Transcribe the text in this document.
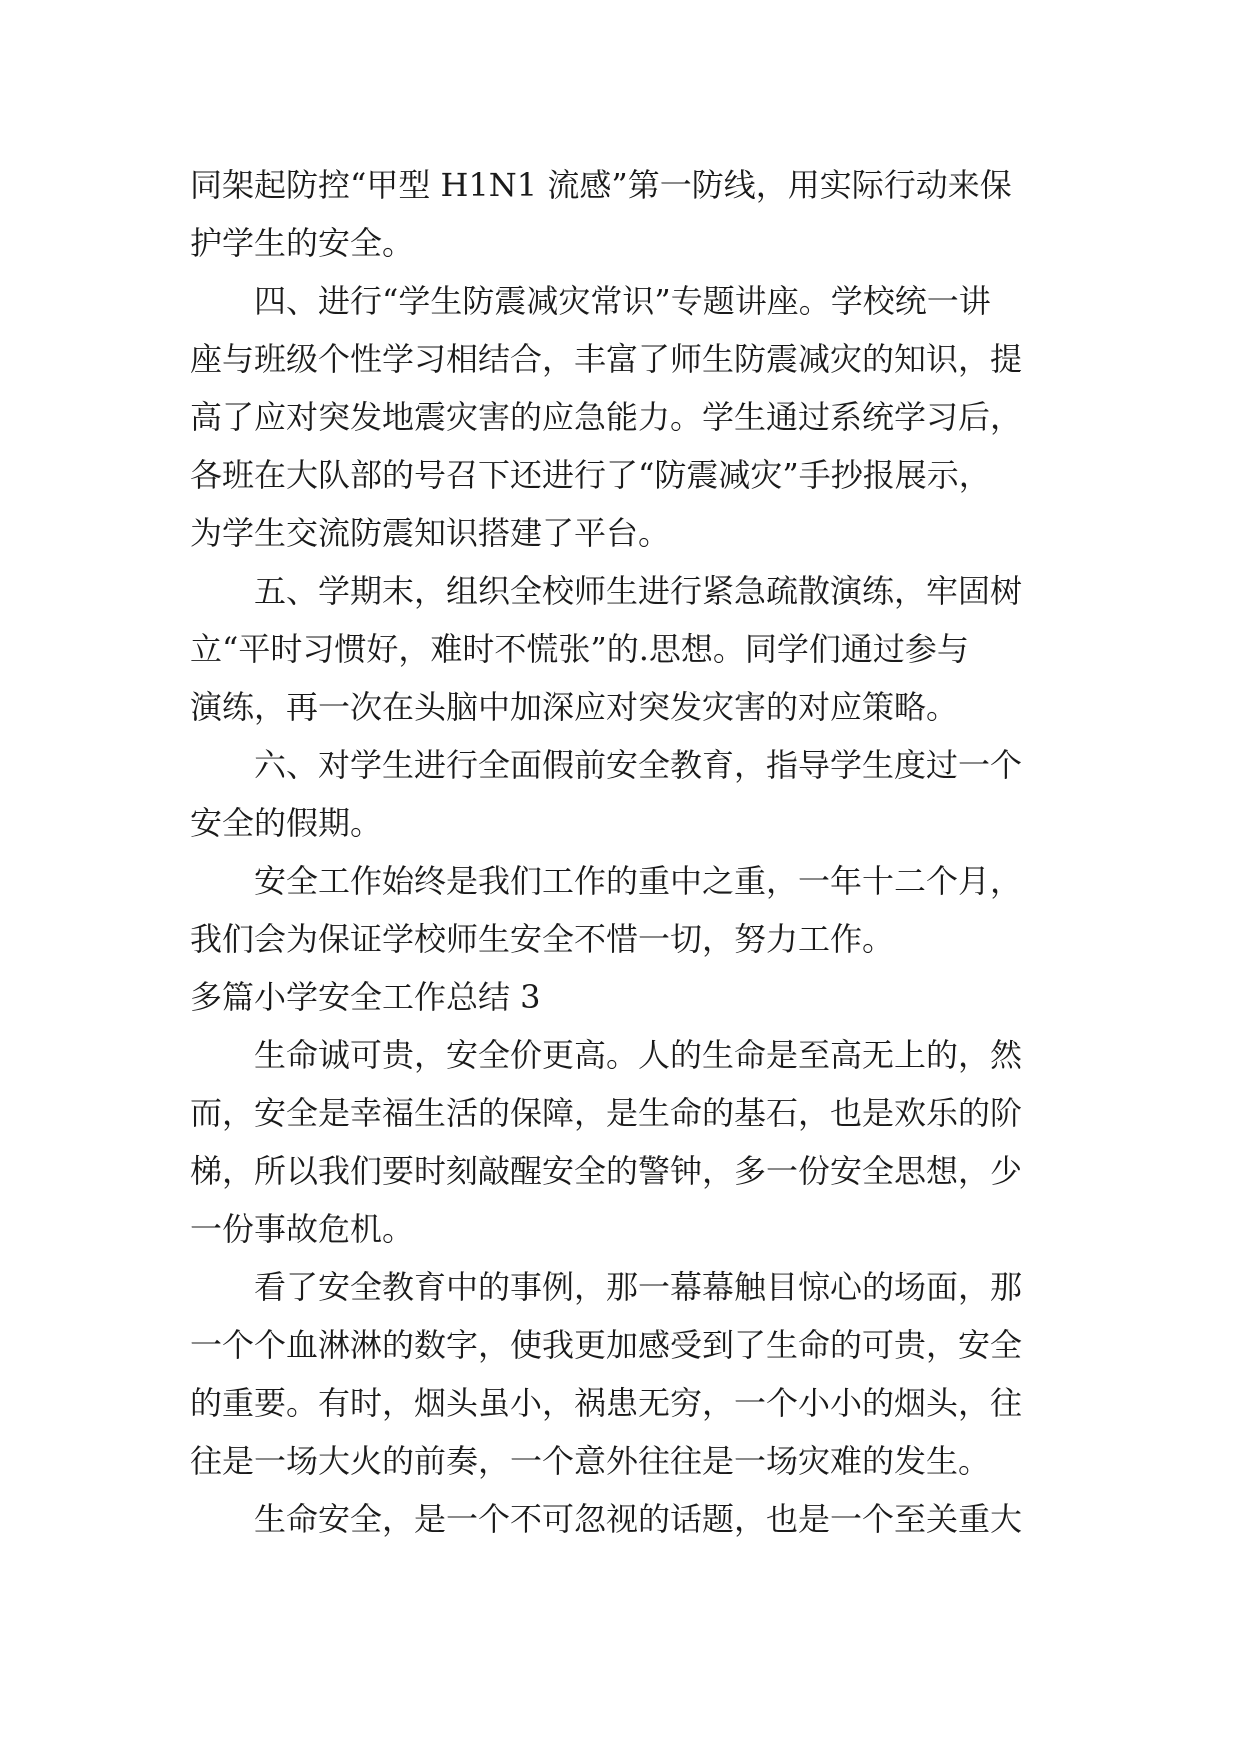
同架起防控“甲型 H1N1 流感”第一防线，用实际行动来保

护学生的安全。

四、进行“学生防震减灾常识”专题讲座。学校统一讲

座与班级个性学习相结合，丰富了师生防震减灾的知识，提

高了应对突发地震灾害的应急能力。学生通过系统学习后，

各班在大队部的号召下还进行了“防震减灾”手抄报展示，

为学生交流防震知识搭建了平台。

五、学期末，组织全校师生进行紧急疏散演练，牢固树

立“平时习惯好，难时不慌张”的.思想。同学们通过参与

演练，再一次在头脑中加深应对突发灾害的对应策略。

六、对学生进行全面假前安全教育，指导学生度过一个

安全的假期。

安全工作始终是我们工作的重中之重，一年十二个月，

我们会为保证学校师生安全不惜一切，努力工作。

多篇小学安全工作总结 3

生命诚可贵，安全价更高。人的生命是至高无上的，然

而，安全是幸福生活的保障，是生命的基石，也是欢乐的阶

梯，所以我们要时刻敲醒安全的警钟，多一份安全思想，少

一份事故危机。

看了安全教育中的事例，那一幕幕触目惊心的场面，那

一个个血淋淋的数字，使我更加感受到了生命的可贵，安全

的重要。有时，烟头虽小，祸患无穷，一个小小的烟头，往

往是一场大火的前奏，一个意外往往是一场灾难的发生。

生命安全，是一个不可忽视的话题，也是一个至关重大
